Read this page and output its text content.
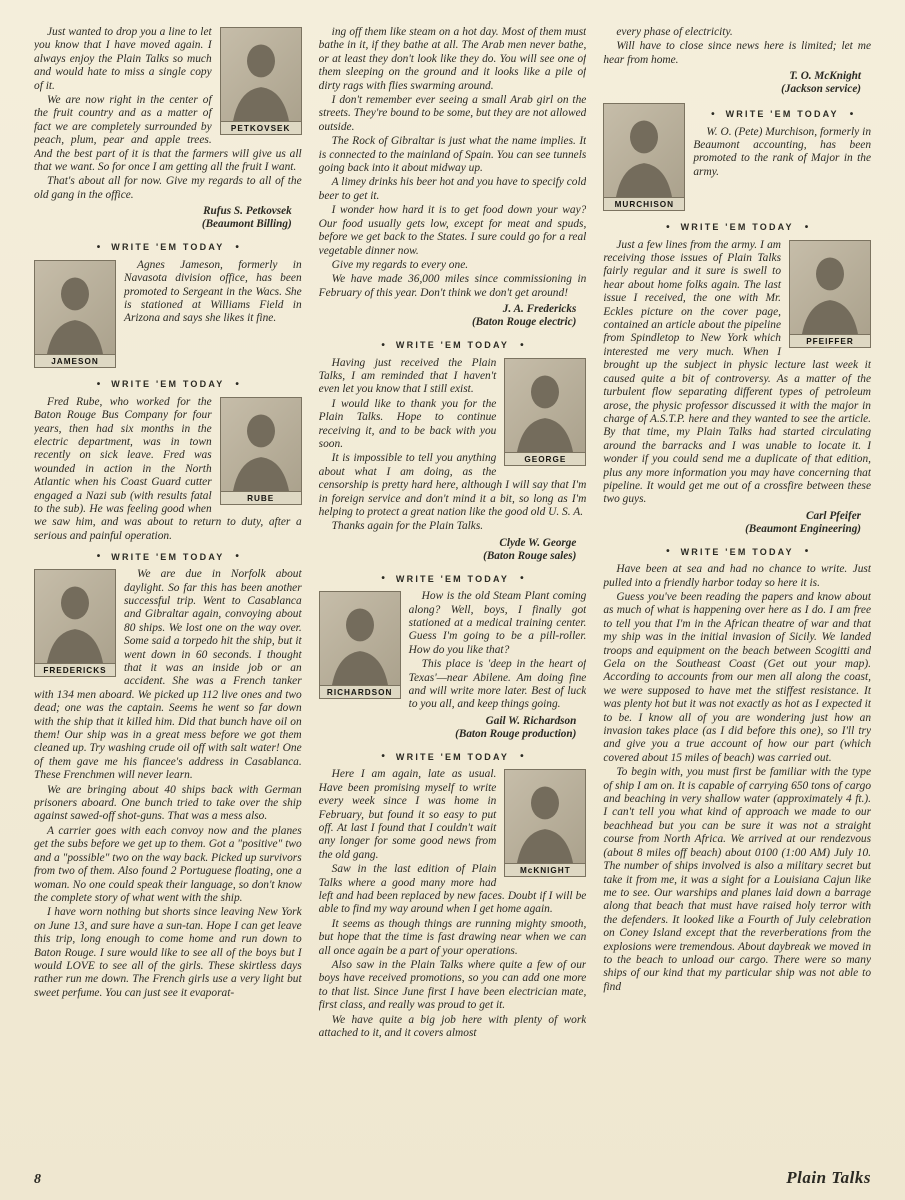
PETKOVSEK

Just wanted to drop you a line to let you know that I have moved again. I always enjoy the Plain Talks so much and would hate to miss a single copy of it.

We are now right in the center of the fruit country and as a matter of fact we are completely surrounded by peach, plum, pear and apple trees. And the best part of it is that the farmers will give us all that we want. So for once I am getting all the fruit I want.

That's about all for now. Give my regards to all of the old gang in the office.

Rufus S. Petkovsek
(Beaumont Billing)
• WRITE 'EM TODAY •
JAMESON

Agnes Jameson, formerly in Navasota division office, has been promoted to Sergeant in the Wacs. She is stationed at Williams Field in Arizona and says she likes it fine.

• WRITE 'EM TODAY •
RUBE

Fred Rube, who worked for the Baton Rouge Bus Company for four years, then had six months in the electric department, was in town recently on sick leave. Fred was wounded in action in the North Atlantic when his Coast Guard cutter engaged a Nazi sub (with results fatal to the sub). He was feeling good when we saw him, and was about to return to duty, after a serious and painful operation.

• WRITE 'EM TODAY •
FREDERICKS

We are due in Norfolk about daylight. So far this has been another successful trip. Went to Casablanca and Gibraltar again, convoying about 80 ships. We lost one on the way over. Some said a torpedo hit the ship, but it went down in 60 seconds. I thought that it was an inside job or an accident. She was a French tanker with 134 men aboard. We picked up 112 live ones and two dead; one was the captain. Seems he went so far down with the ship that it killed him. Did that bunch have oil on them! Our ship was in a great mess before we got them cleaned up. Try washing crude oil off with salt water! One of them gave me his fiancee's address in Casablanca. These Frenchmen will never learn.

We are bringing about 40 ships back with German prisoners aboard. One bunch tried to take over the ship against sawed-off shot-guns. That was a mess also.

A carrier goes with each convoy now and the planes get the subs before we get up to them. Got a "positive" two and a "possible" two on the way back. Picked up survivors from two of them. Also found 2 Portuguese floating, one a woman. No one could speak their language, so don't know the complete story of what went with the ship.

I have worn nothing but shorts since leaving New York on June 13, and sure have a sun-tan. Hope I can get leave this trip, long enough to come home and run down to Baton Rouge. I sure would like to see all of the boys but I would LOVE to see all of the girls. These skirtless days rather run me down. The French girls use a very light but sweet perfume. You can just see it evaporat-

ing off them like steam on a hot day. Most of them must bathe in it, if they bathe at all. The Arab men never bathe, or at least they don't look like they do. You will see one of them sleeping on the ground and it looks like a pile of dirty rags with flies swarming around.

I don't remember ever seeing a small Arab girl on the streets. They're bound to be some, but they are not allowed outside.

The Rock of Gibraltar is just what the name implies. It is connected to the mainland of Spain. You can see tunnels going back into it about midway up.

A limey drinks his beer hot and you have to specify cold beer to get it.

I wonder how hard it is to get food down your way? Our food usually gets low, except for meat and spuds, before we get back to the States. I sure could go for a real vegetable dinner now.

Give my regards to every one.

We have made 36,000 miles since commissioning in February of this year. Don't think we don't get around!

J. A. Fredericks
(Baton Rouge electric)
• WRITE 'EM TODAY •
GEORGE

Having just received the Plain Talks, I am reminded that I haven't even let you know that I still exist.

I would like to thank you for the Plain Talks. Hope to continue receiving it, and to be back with you soon.

It is impossible to tell you anything about what I am doing, as the censorship is pretty hard here, although I will say that I'm in foreign service and don't mind it a bit, so long as I'm helping to protect a great nation like the good old U. S. A.

Thanks again for the Plain Talks.

Clyde W. George
(Baton Rouge sales)
• WRITE 'EM TODAY •
RICHARDSON

How is the old Steam Plant coming along? Well, boys, I finally got stationed at a medical training center. Guess I'm going to be a pill-roller. How do you like that?

This place is 'deep in the heart of Texas'—near Abilene. Am doing fine and will write more later. Best of luck to you all, and keep things going.

Gail W. Richardson
(Baton Rouge production)
• WRITE 'EM TODAY •
McKNIGHT

Here I am again, late as usual. Have been promising myself to write every week since I was home in February, but found it so easy to put off. At last I found that I couldn't wait any longer for some good news from the old gang.

Saw in the last edition of Plain Talks where a good many more had left and had been replaced by new faces. Doubt if I will be able to find my way around when I get home again.

It seems as though things are running mighty smooth, but hope that the time is fast drawing near when we can all once again be a part of your operations.

Also saw in the Plain Talks where quite a few of our boys have received promotions, so you can add one more to that list. Since June first I have been electrician mate, first class, and really was proud to get it.

We have quite a big job here with plenty of work attached to it, and it covers almost

every phase of electricity.

Will have to close since news here is limited; let me hear from home.

T. O. McKnight
(Jackson service)
MURCHISON
• WRITE 'EM TODAY •

W. O. (Pete) Murchison, formerly in Beaumont accounting, has been promoted to the rank of Major in the army.

• WRITE 'EM TODAY •
PFEIFFER

Just a few lines from the army. I am receiving those issues of Plain Talks fairly regular and it sure is swell to hear about home folks again. The last issue I received, the one with Mr. Eckles picture on the cover page, contained an article about the pipeline from Spindletop to New York which interested me very much. When I brought up the subject in physic lecture last week it caused quite a bit of controversy. As a matter of the turbulent flow separating different types of petroleum arose, the physic professor discussed it with the major in charge of A.S.T.P. here and they wanted to see the article. By that time, my Plain Talks had started circulating around the barracks and I was unable to locate it. I wonder if you could send me a duplicate of that edition, plus any more information you may have concerning that pipeline. It would get me out of a crossfire between these two guys.

Carl Pfeifer
(Beaumont Engineering)
• WRITE 'EM TODAY •

Have been at sea and had no chance to write. Just pulled into a friendly harbor today so here it is.

Guess you've been reading the papers and know about as much of what is happening over here as I do. I am free to tell you that I'm in the African theatre of war and that my ship was in the initial invasion of Sicily. We landed troops and equipment on the beach between Scogitti and Gela on the Southeast Coast (Get out your map). According to accounts from our men all along the coast, we were supposed to have met the stiffest resistance. It was plenty hot but it was not exactly as hot as I expected it to be. I know all of you are wondering just how an invasion takes place (as I did before this one), so I'll try and give you a true account of how our part (which covered about 15 miles of beach) was carried out.

To begin with, you must first be familiar with the type of ship I am on. It is capable of carrying 650 tons of cargo and beaching in very shallow water (approximately 4 ft.). I can't tell you what kind of approach we made to our beachhead but you can be sure it was not a straight course from North Africa. We arrived at our rendezvous (about 8 miles off beach) about 0100 (1:00 AM) July 10. The number of ships involved is also a military secret but take it from me, it was a sight for a Louisiana Cajun like me to see. Our warships and planes laid down a barrage along that beach that must have raised holy terror with the defenders. It looked like a Fourth of July celebration on Coney Island except that the reverberations from the explosions were tremendous. About daybreak we moved in to the beach to unload our cargo. There were so many ships of our kind that my particular ship was not able to find

8	Plain Talks
